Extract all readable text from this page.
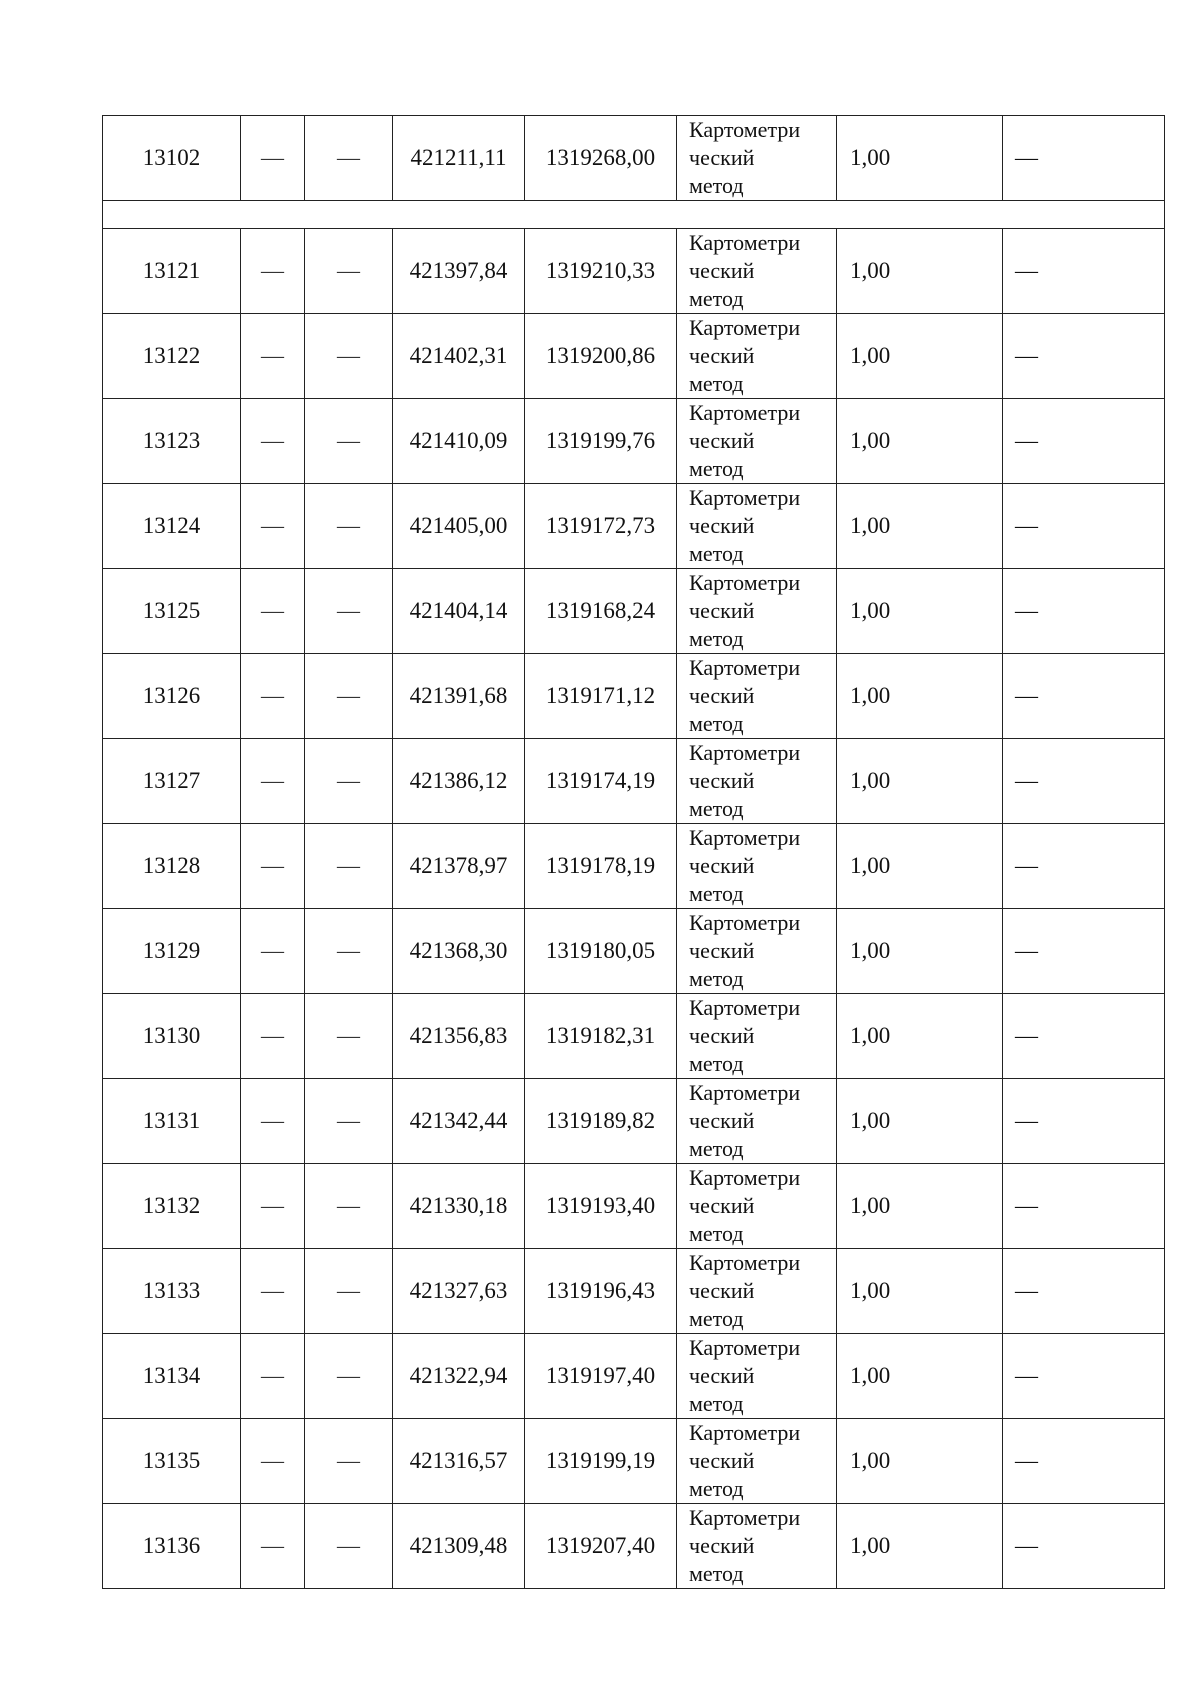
13102	—	—	421211,11	1319268,00	Картометри
ческий
метод	1,00	—

13121	—	—	421397,84	1319210,33	Картометри
ческий
метод	1,00	—
13122	—	—	421402,31	1319200,86	Картометри
ческий
метод	1,00	—
13123	—	—	421410,09	1319199,76	Картометри
ческий
метод	1,00	—
13124	—	—	421405,00	1319172,73	Картометри
ческий
метод	1,00	—
13125	—	—	421404,14	1319168,24	Картометри
ческий
метод	1,00	—
13126	—	—	421391,68	1319171,12	Картометри
ческий
метод	1,00	—
13127	—	—	421386,12	1319174,19	Картометри
ческий
метод	1,00	—
13128	—	—	421378,97	1319178,19	Картометри
ческий
метод	1,00	—
13129	—	—	421368,30	1319180,05	Картометри
ческий
метод	1,00	—
13130	—	—	421356,83	1319182,31	Картометри
ческий
метод	1,00	—
13131	—	—	421342,44	1319189,82	Картометри
ческий
метод	1,00	—
13132	—	—	421330,18	1319193,40	Картометри
ческий
метод	1,00	—
13133	—	—	421327,63	1319196,43	Картометри
ческий
метод	1,00	—
13134	—	—	421322,94	1319197,40	Картометри
ческий
метод	1,00	—
13135	—	—	421316,57	1319199,19	Картометри
ческий
метод	1,00	—
13136	—	—	421309,48	1319207,40	Картометри
ческий
метод	1,00	—
